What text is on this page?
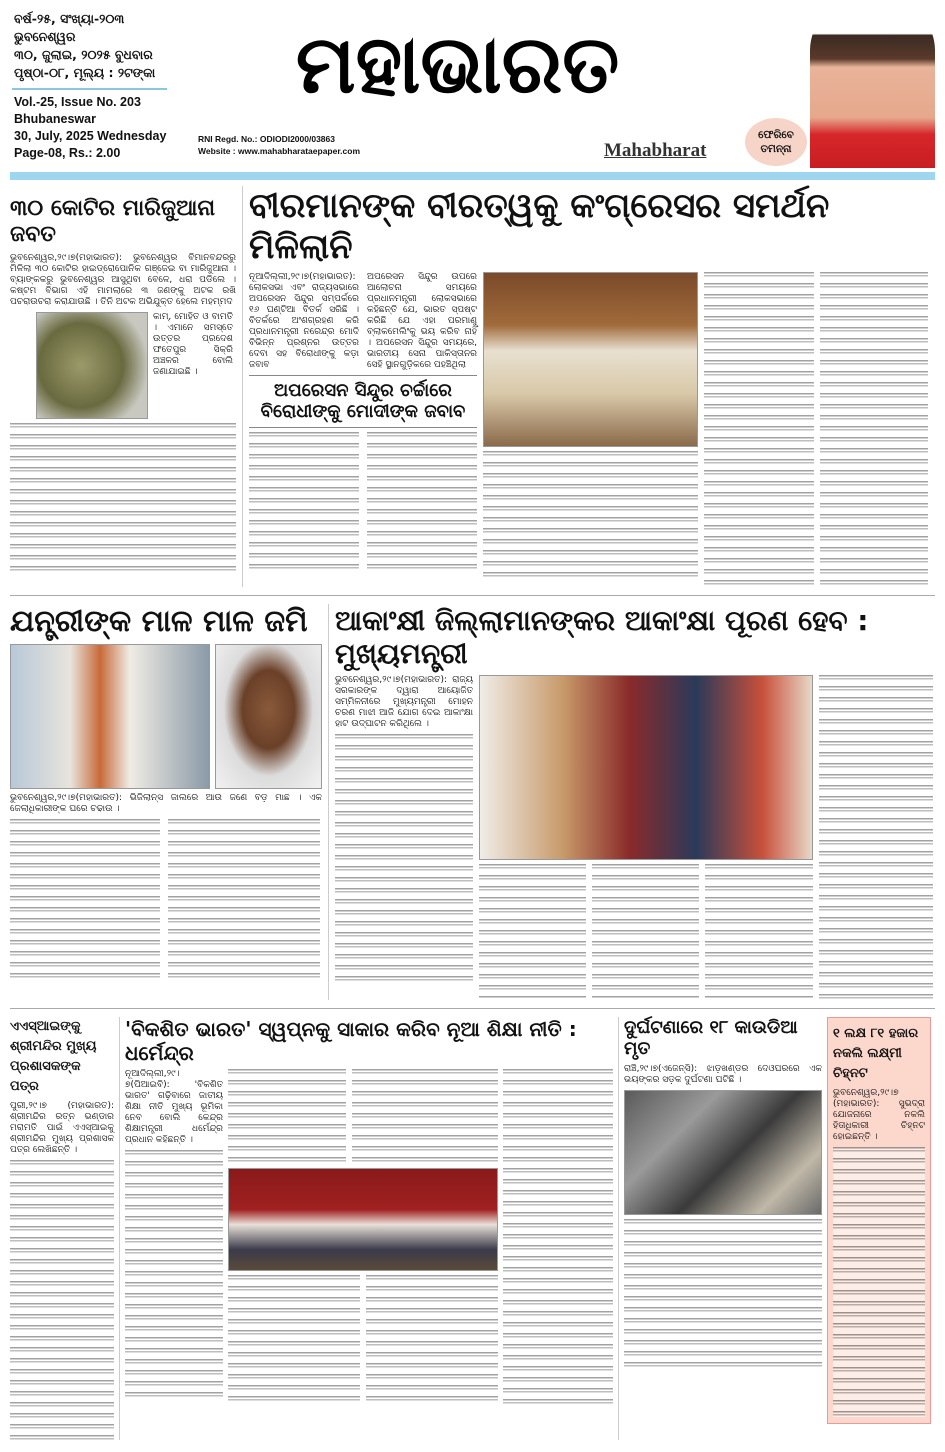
ବର୍ଷ-୨୫, ସଂଖ୍ୟା-୨୦୩
ଭୁବନେଶ୍ୱର
୩୦, ଜୁଲାଇ, ୨୦୨୫ ବୁଧବାର
ପୃଷ୍ଠା-୦୮, ମୂଲ୍ୟ : ୨ଟଙ୍କା
Vol.-25, Issue No. 203
Bhubaneswar
30, July, 2025 Wednesday
Page-08, Rs.: 2.00
ମହାଭାରତ
RNI Regd. No.: ODIODI2000/03863
Website : www.mahabharataepaper.com	Mahabharat
ଫେରିବେ ତମନ୍ନା
୩୦ କୋଟିର ମାରିଜୁଆନା ଜବତ
ଭୁବନେଶ୍ୱର,୨୯।୭(ମହାଭାରତ): ଭୁବନେଶ୍ୱର ବିମାନବନ୍ଦରରୁ ମିଳିଲା ୩୦ କୋଟିର ହାଇଡ୍ରୋପୋନିକ ଗଞ୍ଜେଇ ବା ମାରିଜୁଆନା । ବ୍ୟାଙ୍କକରୁ ଭୁବନେଶ୍ୱର ଆସୁଥିବା ବେଳେ, ଧରା ପଡିଲେ । କଷ୍ଟମ ବିଭାଗ ଏହି ମାମଲାରେ ୩ ଜଣଙ୍କୁ ଅଟକ ରଖି ପଚରାଉଚରା କରାଯାଉଛି । ତିନି ଅଟକ ଅଭିଯୁକ୍ତ ହେଲେ ମହମ୍ମଦ
କାମ୍, ମୋହିତ ଓ ବାମତି । ଏମାନେ ସମସ୍ତେ ଉତ୍ତର ପ୍ରଦେଶ ଫତେପୁର ସିକ୍ରି ଅଞ୍ଚଳର ବୋଲି ଜଣାଯାଇଛି ।
ବୀରମାନଙ୍କ ବୀରତ୍ୱକୁ କଂଗ୍ରେସର ସମର୍ଥନ ମିଳିଲାନି
ନୂଆଦିଲ୍ଲୀ,୨୯।୭(ମହାଭାରତ): ଲୋକସଭା ଏବଂ ରାଜ୍ୟସଭାରେ ଅପରେସନ ସିନ୍ଦୁର ସମ୍ପର୍କରେ ୧୬ ଘଣ୍ଟିଆ ବିତର୍କ ସରିଛି । ବିତର୍କରେ ଅଂଶଗ୍ରହଣ କରି ପ୍ରଧାନମନ୍ତ୍ରୀ ନରେନ୍ଦ୍ର ମୋଦି ବିଭିନ୍ନ ପ୍ରଶ୍ନର ଉତ୍ତର ଦେବା ସହ ବିରୋଧୀଙ୍କୁ କଡ଼ା ଜବାବ
ଅପରେସନ ସିନ୍ଦୁର ଉପରେ ଆଲୋଚନା ସମୟରେ ପ୍ରଧାନମନ୍ତ୍ରୀ ଲୋକସଭାରେ କହିଛନ୍ତି ଯେ, ଭାରତ ସ୍ପଷ୍ଟ କରିଛି ଯେ ଏହା ପରମାଣୁ ବ୍ଲାକମେଲିଂକୁ ଭୟ କରିବ ନାହିଁ । ଅପରେସନ ସିନ୍ଦୁର ସମୟରେ, ଭାରତୀୟ ସେନା ପାକିସ୍ତାନର ସେହି ସ୍ଥାନଗୁଡ଼ିକରେ ପହଞ୍ଚିଥିଲା
ଅପରେସନ ସିନ୍ଦୁର ଚର୍ଚ୍ଚାରେ ବିରୋଧୀଙ୍କୁ ମୋଦୀଙ୍କ ଜବାବ
ଯନ୍ତ୍ରୀଙ୍କ ମାଳ ମାଳ ଜମି
ଭୁବନେଶ୍ୱର,୨୯।୭(ମହାଭାରତ): ଭିଜିଲାନ୍ସ ଜାଲରେ ଆଉ ଜଣେ ବଡ଼ ମାଛ । ଏକ ଜେଲାଧିକାରୀଙ୍କ ଘରେ ଚଢାଉ ।
ଆକାଂକ୍ଷୀ ଜିଲ୍ଲାମାନଙ୍କର ଆକାଂକ୍ଷା ପୂରଣ ହେବ : ମୁଖ୍ୟମନ୍ତ୍ରୀ
ଭୁବନେଶ୍ୱର,୨୯।୭(ମହାଭାରତ): ରାଜ୍ୟ ସରକାରଙ୍କ ଦ୍ୱାରା ଆୟୋଜିତ ସମ୍ମିଳନୀରେ ମୁଖ୍ୟମନ୍ତ୍ରୀ ମୋହନ ଚରଣ ମାଝୀ ଆଜି ଯୋଗ ଦେଇ ଆକାଂକ୍ଷା ହାଟ ଉଦ୍‌ଘାଟନ କରିଥିଲେ ।
ଏଏସ୍‌ଆଇଙ୍କୁ ଶ୍ରୀମନ୍ଦିର ମୁଖ୍ୟ ପ୍ରଶାସକଙ୍କ ପତ୍ର
ପୁରୀ,୨୯।୭ (ମହାଭାରତ): ଶ୍ରୀମନ୍ଦିର ରତ୍ନ ଭଣ୍ଡାର ମରାମତି ପାଇଁ ଏଏସ୍‌ଆଇକୁ ଶ୍ରୀମନ୍ଦିର ମୁଖ୍ୟ ପ୍ରଶାସକ ପତ୍ର ଲେଖିଛନ୍ତି ।
'ବିକଶିତ ଭାରତ' ସ୍ୱପ୍ନକୁ ସାକାର କରିବ ନୂଆ ଶିକ୍ଷା ନୀତି : ଧର୍ମେନ୍ଦ୍ର
ନୂଆଦିଲ୍ଲୀ,୨୯।୭(ପିଆଇବି): 'ବିକଶିତ ଭାରତ' ଗଢ଼ିବାରେ ଜାତୀୟ ଶିକ୍ଷା ନୀତି ମୁଖ୍ୟ ଭୂମିକା ନେବ ବୋଲି କେନ୍ଦ୍ର ଶିକ୍ଷାମନ୍ତ୍ରୀ ଧର୍ମେନ୍ଦ୍ର ପ୍ରଧାନ କହିଛନ୍ତି ।
ଦୁର୍ଘଟଣାରେ ୧୮ କାଉଡିଆ ମୃତ
ରାଞ୍ଚି,୨୯।୭(ଏଜେନ୍ସି): ଝାଡ଼ଖଣ୍ଡର ଦେଓଘରରେ ଏକ ଭୟଙ୍କର ସଡ଼କ ଦୁର୍ଘଟଣା ଘଟିଛି ।
୧ ଲକ୍ଷ ୮୧ ହଜାର ନକଲି ଲକ୍ଷ୍ମୀ ଚିହ୍ନଟ
ଭୁବନେଶ୍ୱର,୨୯।୭ (ମହାଭାରତ): ସୁଭଦ୍ରା ଯୋଜନାରେ ନକଲି ହିତାଧିକାରୀ ଚିହ୍ନଟ ହୋଇଛନ୍ତି ।
